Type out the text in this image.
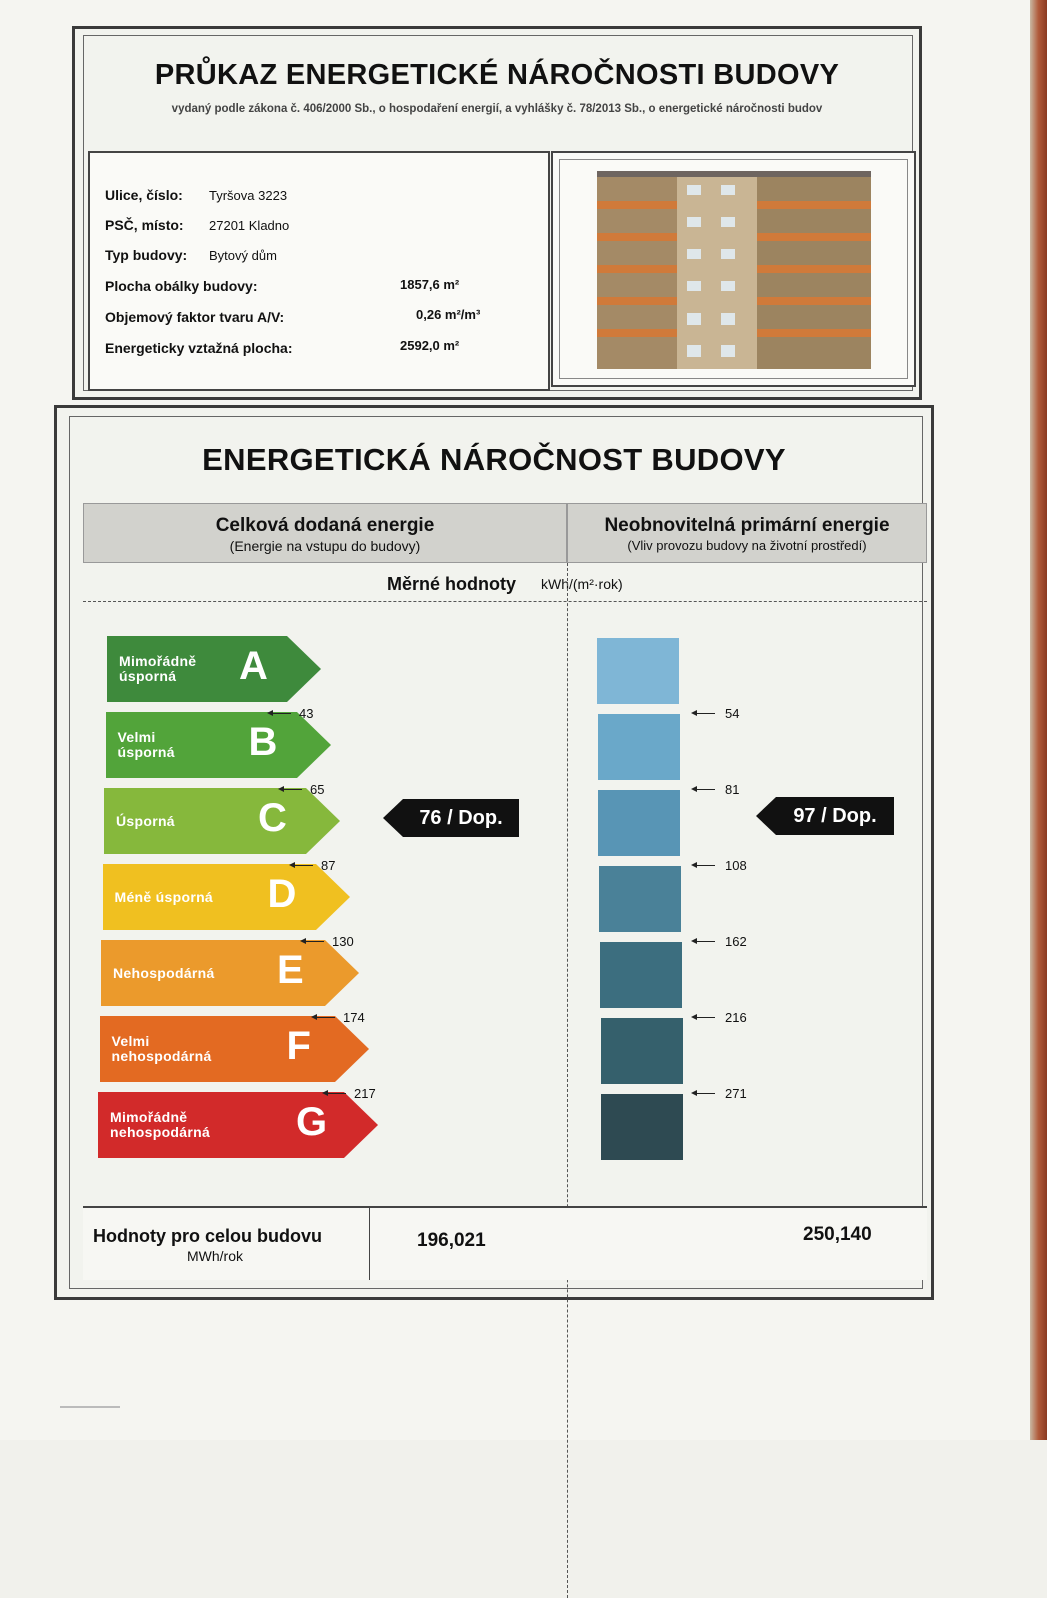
PRŮKAZ ENERGETICKÉ NÁROČNOSTI BUDOVY
vydaný podle zákona č. 406/2000 Sb., o hospodaření energií, a vyhlášky č. 78/2013 Sb., o energetické náročnosti budov
Ulice, číslo: Tyršova 3223
PSČ, místo: 27201 Kladno
Typ budovy: Bytový dům
Plocha obálky budovy:	1857,6 m²
Objemový faktor tvaru A/V:	0,26 m²/m³
Energeticky vztažná plocha:	2592,0 m²
ENERGETICKÁ NÁROČNOST BUDOVY
Celková dodaná energie
(Energie na vstupu do budovy)
Neobnovitelná primární energie
(Vliv provozu budovy na životní prostředí)
Měrné hodnoty kWh/(m²·rok)
Mimořádně
úsporná	A
Velmi
úsporná B
Úsporná C
Méně úsporná D
Nehospodárná E
Velmi
nehospodárná F
Mimořádně
nehospodárná G
43
65
87
130
174
217
54
81
108
162
216
271
76 / Dop.	97 / Dop.
Hodnoty pro celou budovu
MWh/rok
196,021	250,140
